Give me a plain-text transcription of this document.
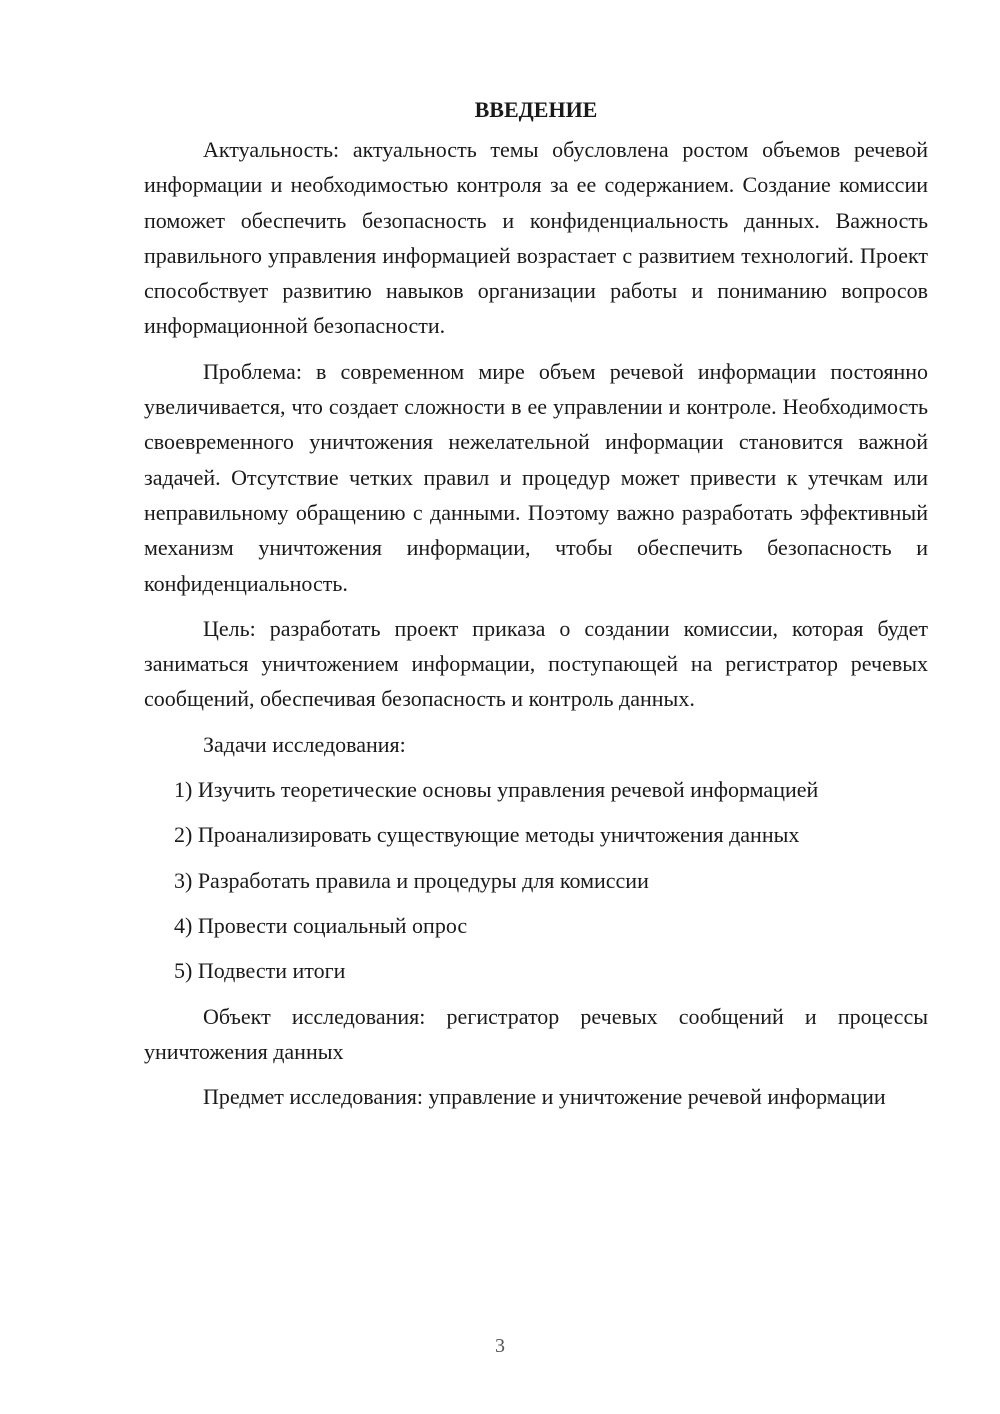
ВВЕДЕНИЕ

Актуальность: актуальность темы обусловлена ростом объемов речевой информации и необходимостью контроля за ее содержанием. Создание комиссии поможет обеспечить безопасность и конфиденциальность данных. Важность правильного управления информацией возрастает с развитием технологий. Проект способствует развитию навыков организации работы и пониманию вопросов информационной безопасности.

Проблема: в современном мире объем речевой информации постоянно увеличивается, что создает сложности в ее управлении и контроле. Необходимость своевременного уничтожения нежелательной информации становится важной задачей. Отсутствие четких правил и процедур может привести к утечкам или неправильному обращению с данными. Поэтому важно разработать эффективный механизм уничтожения информации, чтобы обеспечить безопасность и конфиденциальность.

Цель: разработать проект приказа о создании комиссии, которая будет заниматься уничтожением информации, поступающей на регистратор речевых сообщений, обеспечивая безопасность и контроль данных.

Задачи исследования:

1) Изучить теоретические основы управления речевой информацией
2) Проанализировать существующие методы уничтожения данных
3) Разработать правила и процедуры для комиссии
4) Провести социальный опрос
5) Подвести итоги

Объект исследования: регистратор речевых сообщений и процессы уничтожения данных

Предмет исследования: управление и уничтожение речевой информации

3
